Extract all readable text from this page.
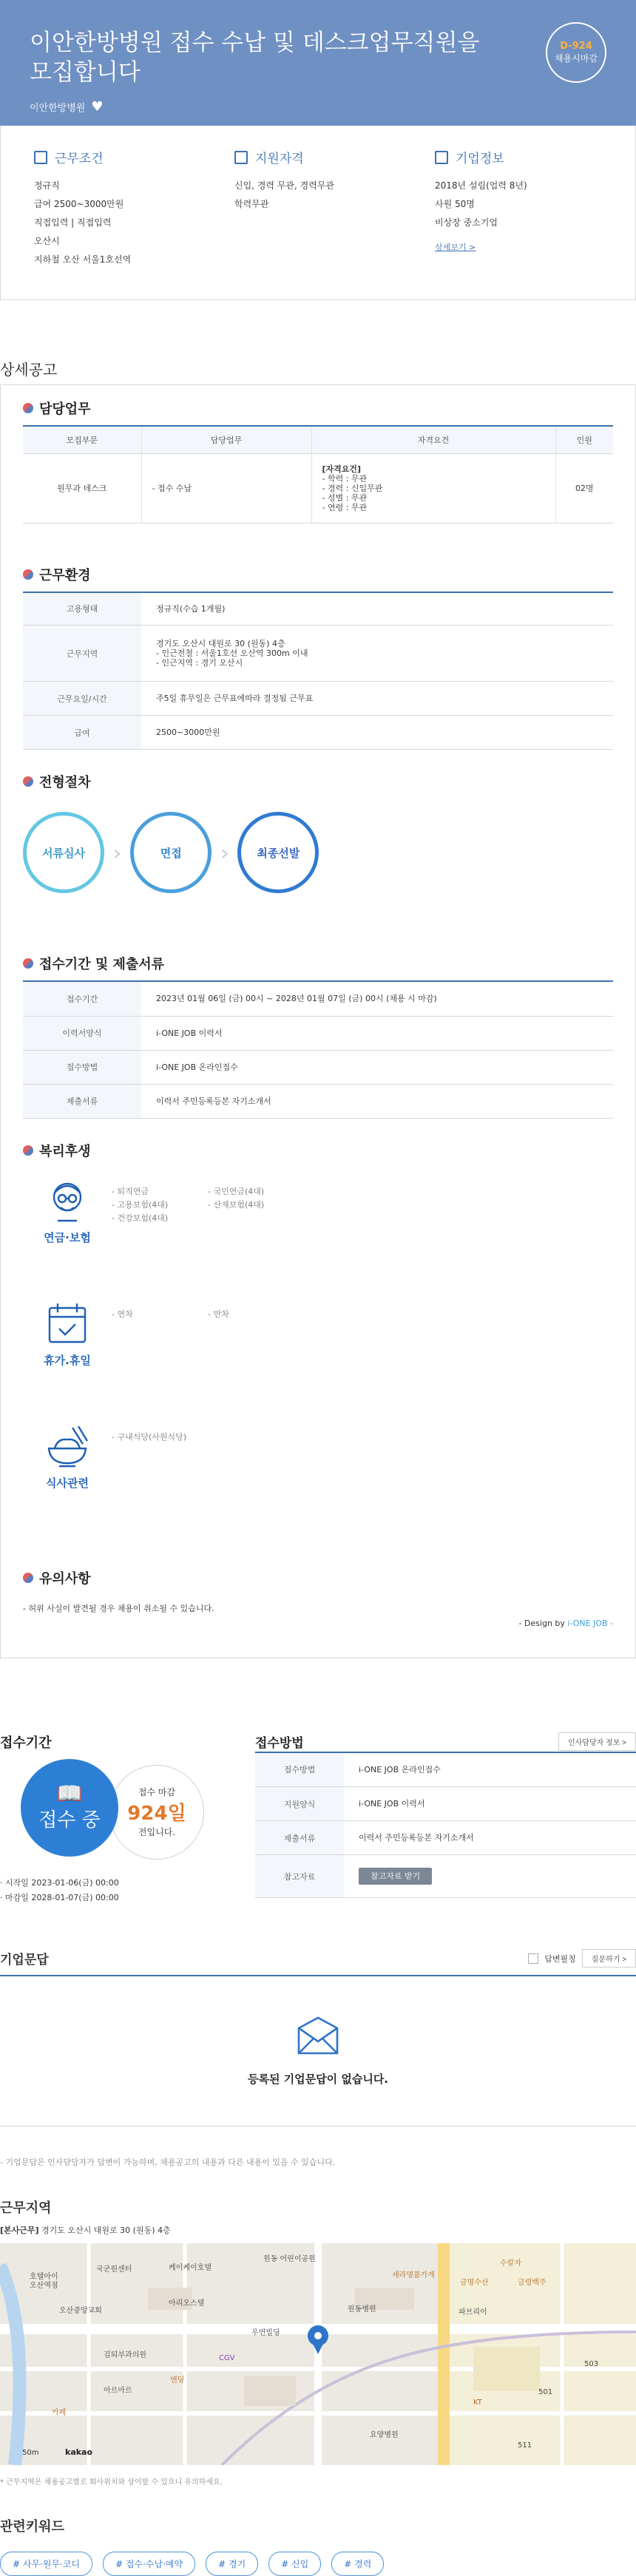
이안한방병원 접수 수납 및 데스크업무직원을 모집합니다
이안한방병원 ♥
D-924
채용시마감
근무조건

정규직

급여 2500~3000만원

직접입력 | 직접입력

오산시

지하철 오산 서울1호선역

지원자격

신입, 경력 무관, 경력무관

학력무관

기업정보

2018년 설립(업력 8년)

사원 50명

비상장 중소기업

상세보기 >

상세공고
담당업무
모집부문	담당업무	자격요건	인원
원무과 데스크	- 접수 수납	[자격요건]
- 학력 : 무관
- 경력 : 신입무관
- 성별 : 무관
- 연령 : 무관	02명
근무환경
고용형태	정규직(수습 1개월)
근무지역	경기도 오산시 대원로 30 (원동) 4층
- 인근전철 : 서울1호선 오산역 300m 이내
- 인근지역 : 경기 오산시

근무요일/시간	주5일 휴무일은 근무표에따라 결정됨 근무표
급여	2500~3000만원
전형절차
서류심사	›	면접	›	최종선발
접수기간 및 제출서류
접수기간	2023년 01월 06일 (금) 00시 ~ 2028년 01월 07일 (금) 00시 (채용 시 마감)
이력서양식	i-ONE JOB 이력서
접수방법	i-ONE JOB 온라인접수
제출서류	이력서 주민등록등본 자기소개서
복리후생
연금·보험
- 퇴직연금	- 국민연금(4대)
- 고용보험(4대)	- 산재보험(4대)
- 건강보험(4대)
휴가.휴일
- 연차	- 반차
식사관련
- 구내식당(사원식당)
유의사항

- 허위 사실이 발견될 경우 채용이 취소될 수 있습니다.

- Design by i-ONE JOB -

접수기간
📖
접수 중
접수 마감
924일
전입니다.
· 시작일 2023-01-06(금) 00:00
· 마감일 2028-01-07(금) 00:00
접수방법	인사담당자 정보 >
접수방법	i-ONE JOB 온라인접수
지원양식	i-ONE JOB 이력서
제출서류	이력서 주민등록등본 자기소개서
참고자료	참고자료 받기
기업문답	답변필칭	질문하기 >
등록된 기업문답이 없습니다.

- 기업문답은 인사담당자가 답변이 가능하며, 채용공고의 내용과 다른 내용이 있을 수 있습니다.

근무지역

[본사근무] 경기도 오산시 대원로 30 (원동) 4층

호텔아이
오산역점
오산중앙교회
국군원센터	케이케이호텔
아리오스텔
원동병원
원동 어린이공원
세라명품가게
수칼자
금명수산	금령백주
파브리이
CGV
우연빌딩
김퇴부과의원
아르아르
카페
엔딩
KT
요양병원
511
501
503
50m	kakao

* 근무지역은 채용공고별로 회사위치와 상이할 수 있으니 유의하세요.

관련키워드
# 사무·원무·코디	# 접수·수납·예약	# 경기	# 신입	# 경력
